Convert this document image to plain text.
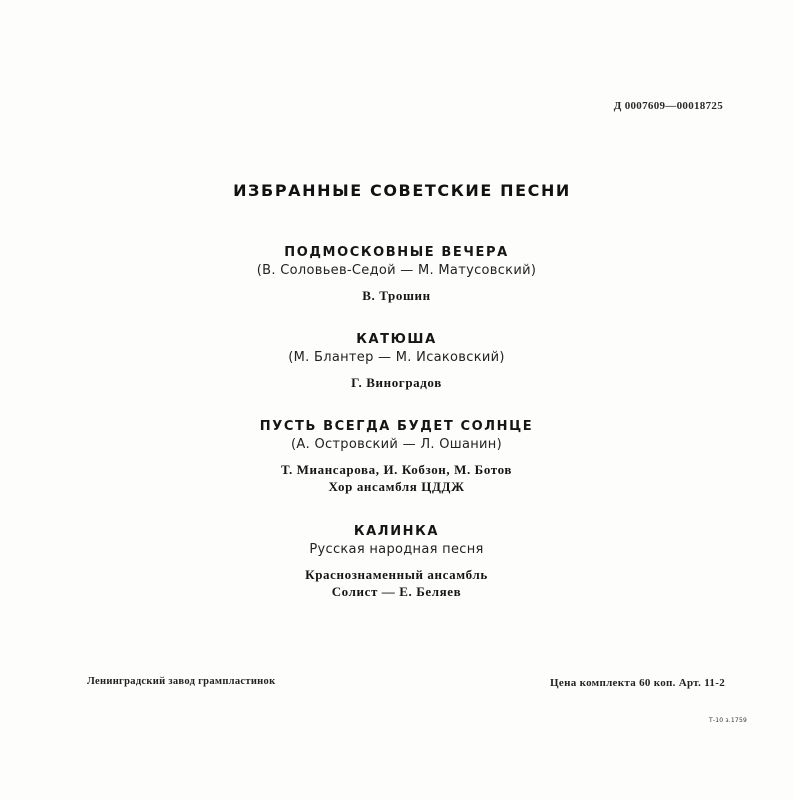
Д 0007609—00018725
ИЗБРАННЫЕ СОВЕТСКИЕ ПЕСНИ
ПОДМОСКОВНЫЕ ВЕЧЕРА
(В. Соловьев-Седой — М. Матусовский)
В. Трошин
КАТЮША
(М. Блантер — М. Исаковский)
Г. Виноградов
ПУСТЬ ВСЕГДА БУДЕТ СОЛНЦЕ
(А. Островский — Л. Ошанин)
Т. Миансарова, И. Кобзон, М. Ботов
Хор ансамбля ЦДДЖ
КАЛИНКА
Русская народная песня
Краснознаменный ансамбль
Солист — Е. Беляев
Ленинградский завод грампластинок	Цена комплекта 60 коп. Арт. 11-2
Т-10 з.1759
